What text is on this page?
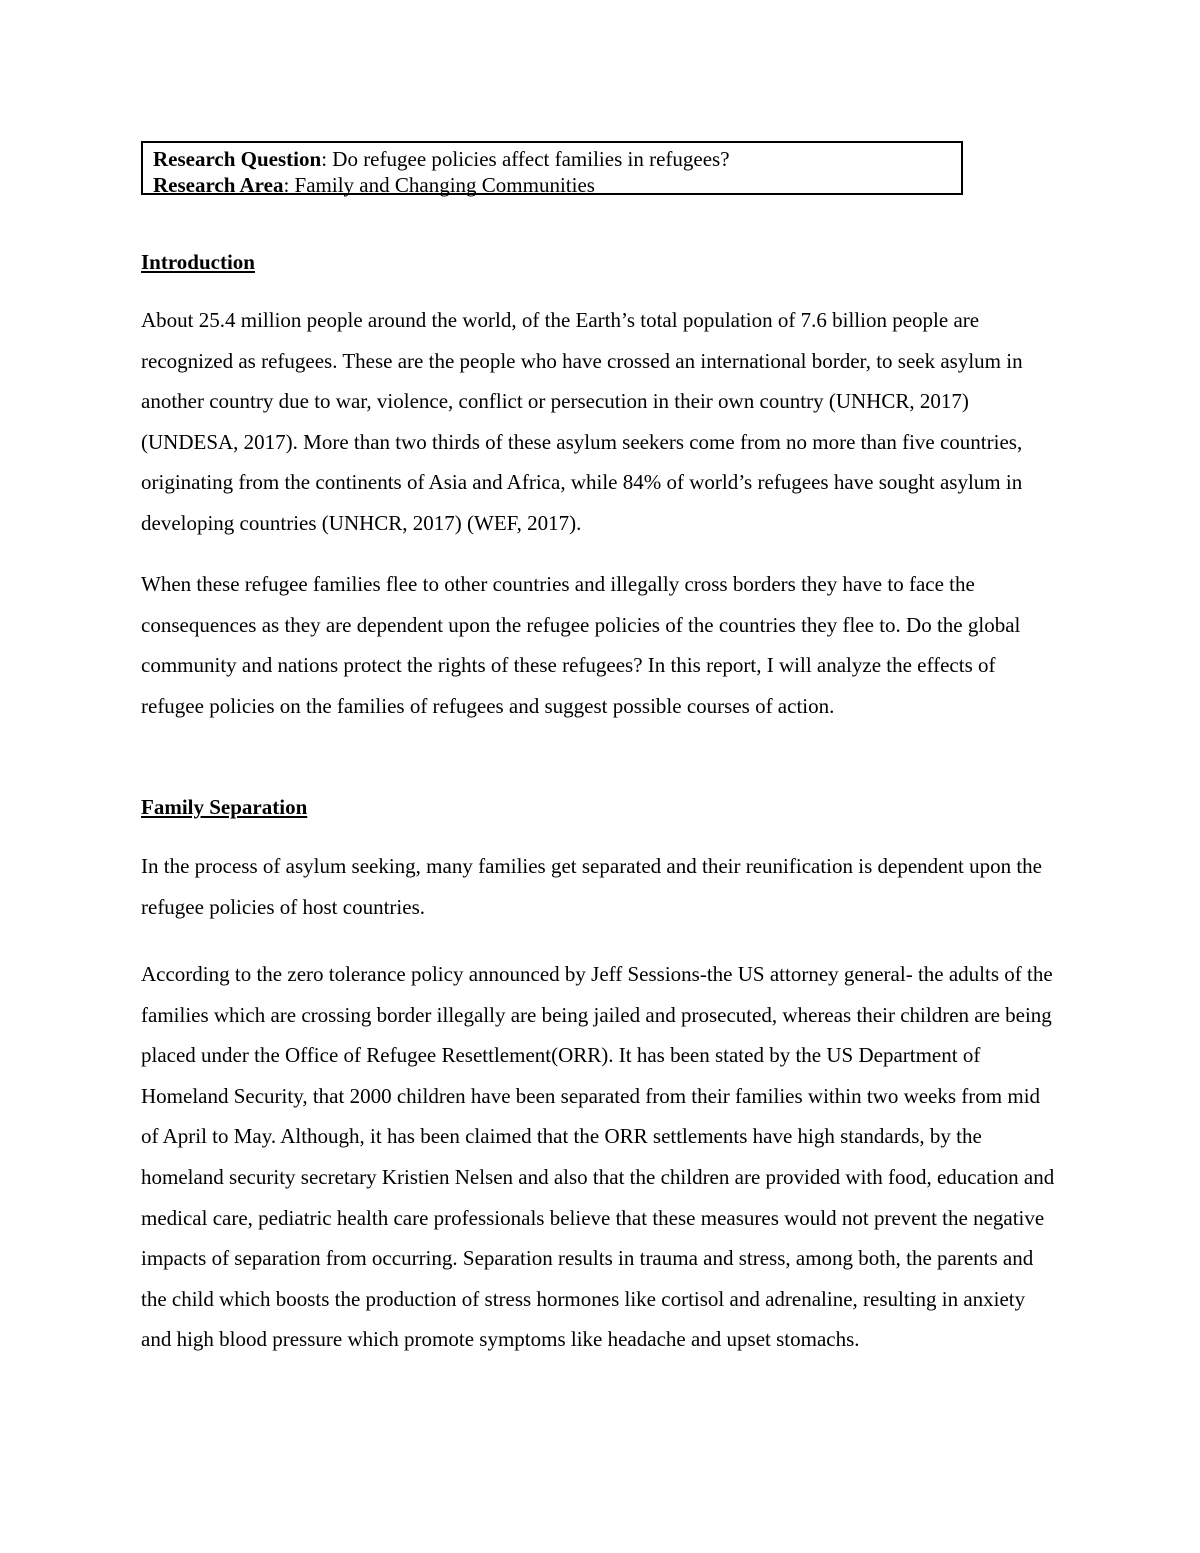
Research Question: Do refugee policies affect families in refugees?
Research Area: Family and Changing Communities
Introduction

About 25.4 million people around the world, of the Earth’s total population of 7.6 billion people are recognized as refugees. These are the people who have crossed an international border, to seek asylum in another country due to war, violence, conflict or persecution in their own country (UNHCR, 2017) (UNDESA, 2017). More than two thirds of these asylum seekers come from no more than five countries, originating from the continents of Asia and Africa, while 84% of world’s refugees have sought asylum in developing countries (UNHCR, 2017) (WEF, 2017).

When these refugee families flee to other countries and illegally cross borders they have to face the consequences as they are dependent upon the refugee policies of the countries they flee to. Do the global community and nations protect the rights of these refugees? In this report, I will analyze the effects of refugee policies on the families of refugees and suggest possible courses of action.

Family Separation

In the process of asylum seeking, many families get separated and their reunification is dependent upon the refugee policies of host countries.

According to the zero tolerance policy announced by Jeff Sessions-the US attorney general- the adults of the families which are crossing border illegally are being jailed and prosecuted, whereas their children are being placed under the Office of Refugee Resettlement(ORR). It has been stated by the US Department of Homeland Security, that 2000 children have been separated from their families within two weeks from mid of April to May. Although, it has been claimed that the ORR settlements have high standards, by the homeland security secretary Kristien Nelsen and also that the children are provided with food, education and medical care, pediatric health care professionals believe that these measures would not prevent the negative impacts of separation from occurring. Separation results in trauma and stress, among both, the parents and the child which boosts the production of stress hormones like cortisol and adrenaline, resulting in anxiety and high blood pressure which promote symptoms like headache and upset stomachs.
